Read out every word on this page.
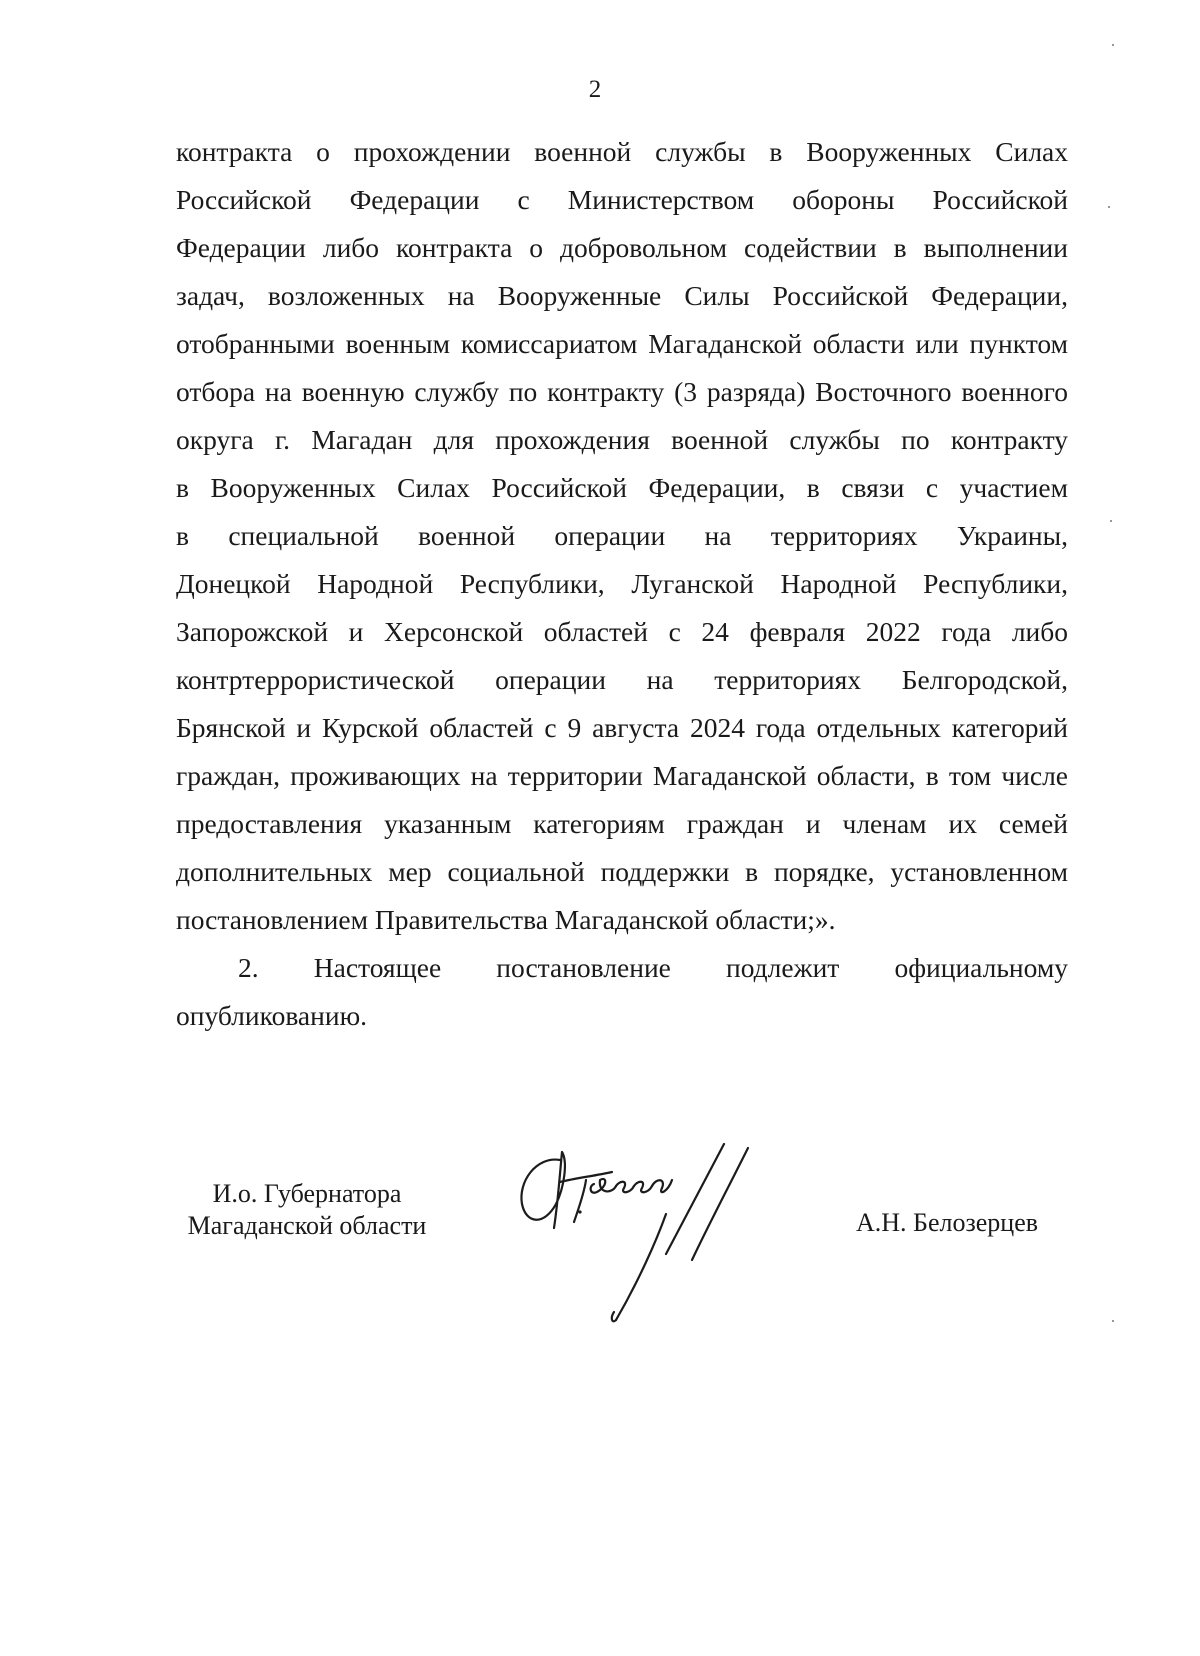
2
контракта о прохождении военной службы в Вооруженных Силах
Российской Федерации с Министерством обороны Российской
Федерации либо контракта о добровольном содействии в выполнении
задач, возложенных на Вооруженные Силы Российской Федерации,
отобранными военным комиссариатом Магаданской области или пунктом
отбора на военную службу по контракту (3 разряда) Восточного военного
округа г. Магадан для прохождения военной службы по контракту
в Вооруженных Силах Российской Федерации, в связи с участием
в специальной военной операции на территориях Украины,
Донецкой Народной Республики, Луганской Народной Республики,
Запорожской и Херсонской областей с 24 февраля 2022 года либо
контртеррористической операции на территориях Белгородской,
Брянской и Курской областей с 9 августа 2024 года отдельных категорий
граждан, проживающих на территории Магаданской области, в том числе
предоставления указанным категориям граждан и членам их семей
дополнительных мер социальной поддержки в порядке, установленном
постановлением Правительства Магаданской области;».
2. Настоящее постановление подлежит официальному
опубликованию.
И.о. Губернатора
Магаданской области	А.Н. Белозерцев
